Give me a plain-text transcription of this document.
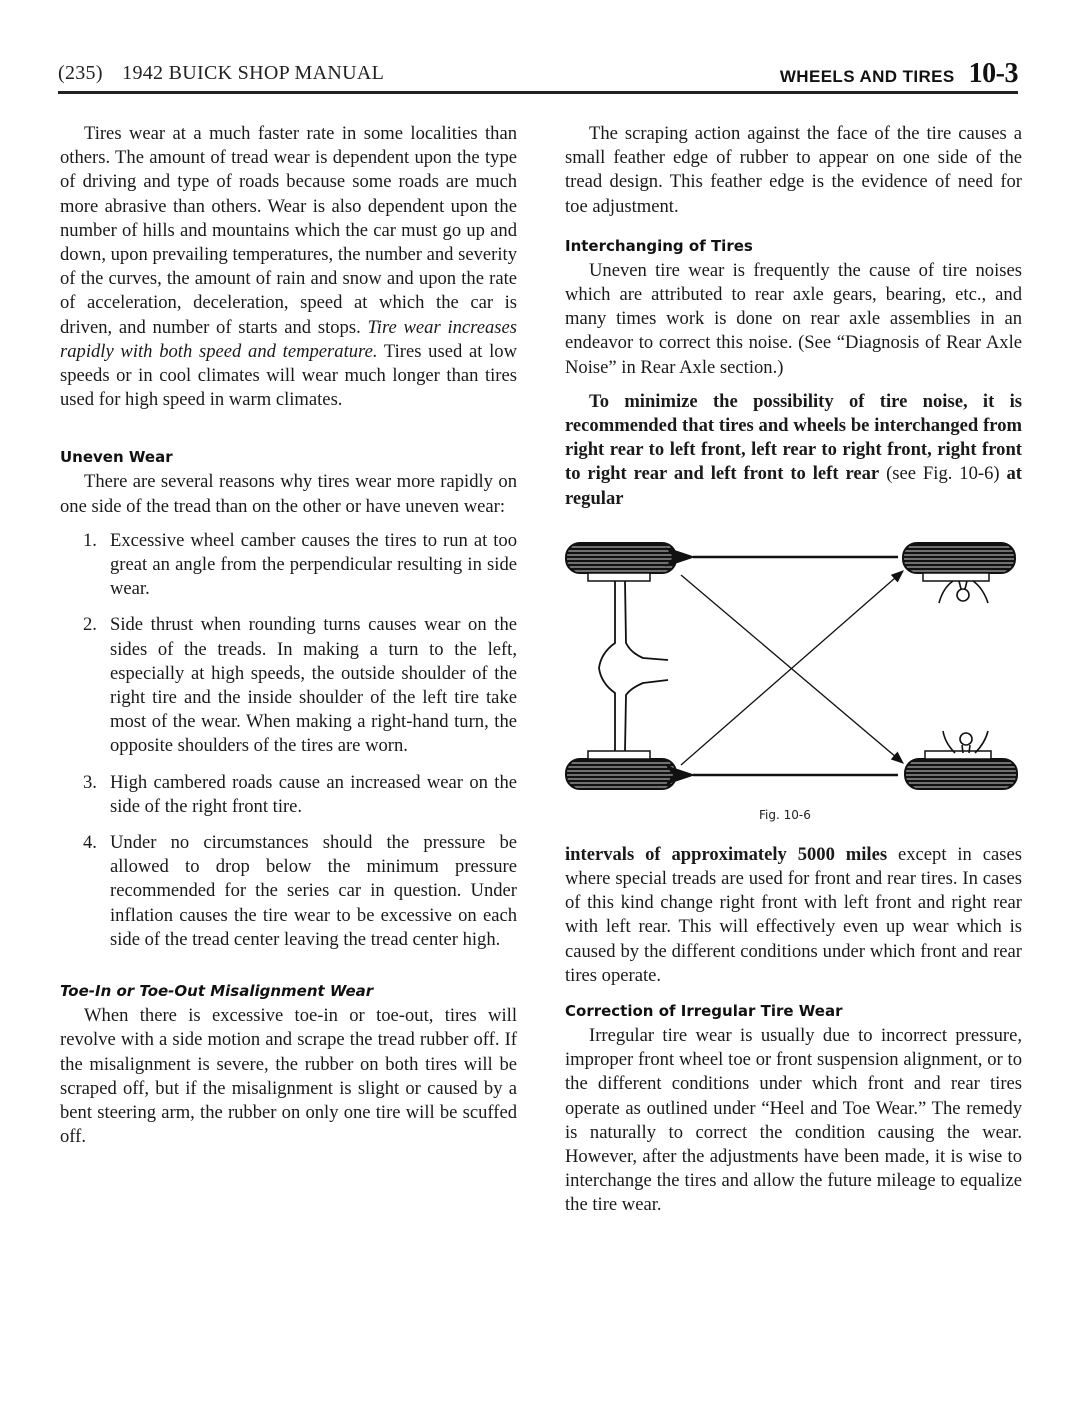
(235) 1942 BUICK SHOP MANUAL	WHEELS AND TIRES 10-3

Tires wear at a much faster rate in some localities than others. The amount of tread wear is dependent upon the type of driving and type of roads because some roads are much more abrasive than others. Wear is also dependent upon the number of hills and mountains which the car must go up and down, upon prevailing temperatures, the number and severity of the curves, the amount of rain and snow and upon the rate of acceleration, deceleration, speed at which the car is driven, and number of starts and stops. Tire wear increases rapidly with both speed and temperature. Tires used at low speeds or in cool climates will wear much longer than tires used for high speed in warm climates.

Uneven Wear

There are several reasons why tires wear more rapidly on one side of the tread than on the other or have uneven wear:

1. Excessive wheel camber causes the tires to run at too great an angle from the perpendicular resulting in side wear.
2. Side thrust when rounding turns causes wear on the sides of the treads. In making a turn to the left, especially at high speeds, the outside shoulder of the right tire and the inside shoulder of the left tire take most of the wear. When making a right-hand turn, the opposite shoulders of the tires are worn.
3. High cambered roads cause an increased wear on the side of the right front tire.
4. Under no circumstances should the pressure be allowed to drop below the minimum pressure recommended for the series car in question. Under inflation causes the tire wear to be excessive on each side of the tread center leaving the tread center high.
Toe-In or Toe-Out Misalignment Wear

When there is excessive toe-in or toe-out, tires will revolve with a side motion and scrape the tread rubber off. If the misalignment is severe, the rubber on both tires will be scraped off, but if the misalignment is slight or caused by a bent steering arm, the rubber on only one tire will be scuffed off.

The scraping action against the face of the tire causes a small feather edge of rubber to appear on one side of the tread design. This feather edge is the evidence of need for toe adjustment.

Interchanging of Tires

Uneven tire wear is frequently the cause of tire noises which are attributed to rear axle gears, bearing, etc., and many times work is done on rear axle assemblies in an endeavor to correct this noise. (See “Diagnosis of Rear Axle Noise” in Rear Axle section.)

To minimize the possibility of tire noise, it is recommended that tires and wheels be interchanged from right rear to left front, left rear to right front, right front to right rear and left front to left rear (see Fig. 10-6) at regular

Fig. 10-6

intervals of approximately 5000 miles except in cases where special treads are used for front and rear tires. In cases of this kind change right front with left front and right rear with left rear. This will effectively even up wear which is caused by the different conditions under which front and rear tires operate.

Correction of Irregular Tire Wear

Irregular tire wear is usually due to incorrect pressure, improper front wheel toe or front suspension alignment, or to the different conditions under which front and rear tires operate as outlined under “Heel and Toe Wear.” The remedy is naturally to correct the condition causing the wear. However, after the adjustments have been made, it is wise to interchange the tires and allow the future mileage to equalize the tire wear.
